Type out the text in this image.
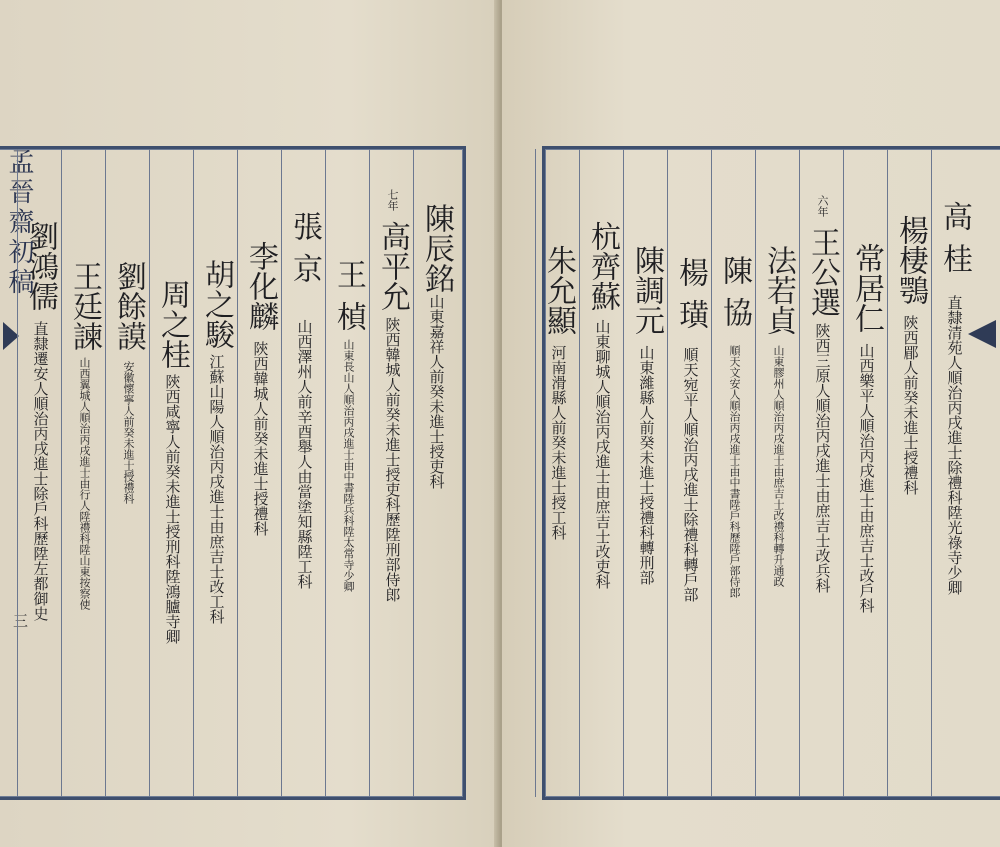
孟晉齋初稿
三
陳辰銘
山東嘉祥人前癸未進士授吏科
七年
高平允
陝西韓城人前癸未進士授吏科歷陞刑部侍郎
王楨
山東長山人順治丙戌進士由中書陞兵科陞太常寺少卿
張京
山西澤州人前辛酉舉人由當塗知縣陞工科
李化麟
陝西韓城人前癸未進士授禮科
胡之駿
江蘇山陽人順治丙戌進士由庶吉士改工科
周之桂
陝西咸寧人前癸未進士授刑科陞鴻臚寺卿
劉餘謨
安徽懷寧人前癸未進士授禮科
王廷諫
山西翼城人順治丙戌進士由行人陞禮科陞山東按察使
劉鴻儒
直隸遷安人順治丙戌進士除戶科歷陞左都御史
高桂
直隸清苑人順治丙戌進士除禮科陞光祿寺少卿
楊棲鶚
陝西郿人前癸未進士授禮科
常居仁
山西樂平人順治丙戌進士由庶吉士改戶科
六年
王公選
陝西三原人順治丙戌進士由庶吉士改兵科
法若貞
山東膠州人順治丙戌進士由庶吉士改禮科轉升通政
陳協
順天文安人順治丙戌進士由中書陞戶科歷陞戶部侍郎
楊璜
順天宛平人順治丙戌進士除禮科轉戶部
陳調元
山東濰縣人前癸未進士授禮科轉刑部
杭齊蘇
山東聊城人順治丙戌進士由庶吉士改吏科
朱允顯
河南滑縣人前癸未進士授工科
